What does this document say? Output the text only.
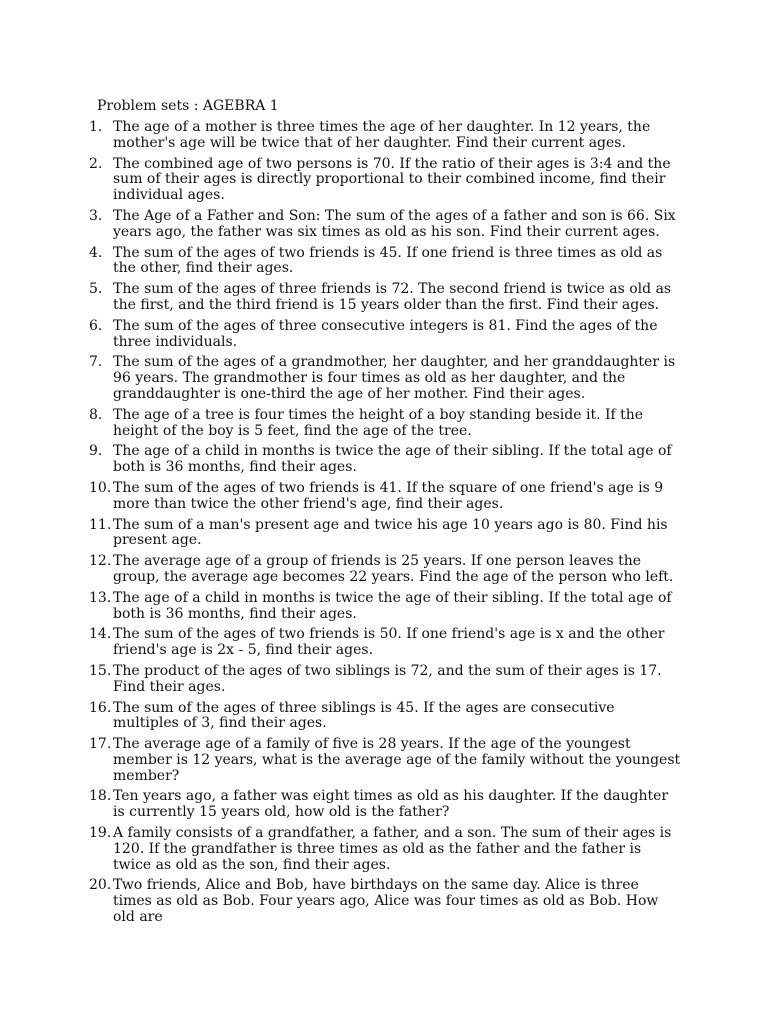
Problem sets : AGEBRA 1
1. The age of a mother is three times the age of her daughter. In 12 years, the mother's age will be twice that of her daughter. Find their current ages.
2. The combined age of two persons is 70. If the ratio of their ages is 3:4 and the sum of their ages is directly proportional to their combined income, find their individual ages.
3. The Age of a Father and Son: The sum of the ages of a father and son is 66. Six years ago, the father was six times as old as his son. Find their current ages.
4. The sum of the ages of two friends is 45. If one friend is three times as old as the other, find their ages.
5. The sum of the ages of three friends is 72. The second friend is twice as old as the first, and the third friend is 15 years older than the first. Find their ages.
6. The sum of the ages of three consecutive integers is 81. Find the ages of the three individuals.
7. The sum of the ages of a grandmother, her daughter, and her granddaughter is 96 years. The grandmother is four times as old as her daughter, and the granddaughter is one-third the age of her mother. Find their ages.
8. The age of a tree is four times the height of a boy standing beside it. If the height of the boy is 5 feet, find the age of the tree.
9. The age of a child in months is twice the age of their sibling. If the total age of both is 36 months, find their ages.
10. The sum of the ages of two friends is 41. If the square of one friend's age is 9 more than twice the other friend's age, find their ages.
11. The sum of a man's present age and twice his age 10 years ago is 80. Find his present age.
12. The average age of a group of friends is 25 years. If one person leaves the group, the average age becomes 22 years. Find the age of the person who left.
13. The age of a child in months is twice the age of their sibling. If the total age of both is 36 months, find their ages.
14. The sum of the ages of two friends is 50. If one friend's age is x and the other friend's age is 2x - 5, find their ages.
15. The product of the ages of two siblings is 72, and the sum of their ages is 17. Find their ages.
16. The sum of the ages of three siblings is 45. If the ages are consecutive multiples of 3, find their ages.
17. The average age of a family of five is 28 years. If the age of the youngest member is 12 years, what is the average age of the family without the youngest member?
18. Ten years ago, a father was eight times as old as his daughter. If the daughter is currently 15 years old, how old is the father?
19. A family consists of a grandfather, a father, and a son. The sum of their ages is 120. If the grandfather is three times as old as the father and the father is twice as old as the son, find their ages.
20. Two friends, Alice and Bob, have birthdays on the same day. Alice is three times as old as Bob. Four years ago, Alice was four times as old as Bob. How old are
